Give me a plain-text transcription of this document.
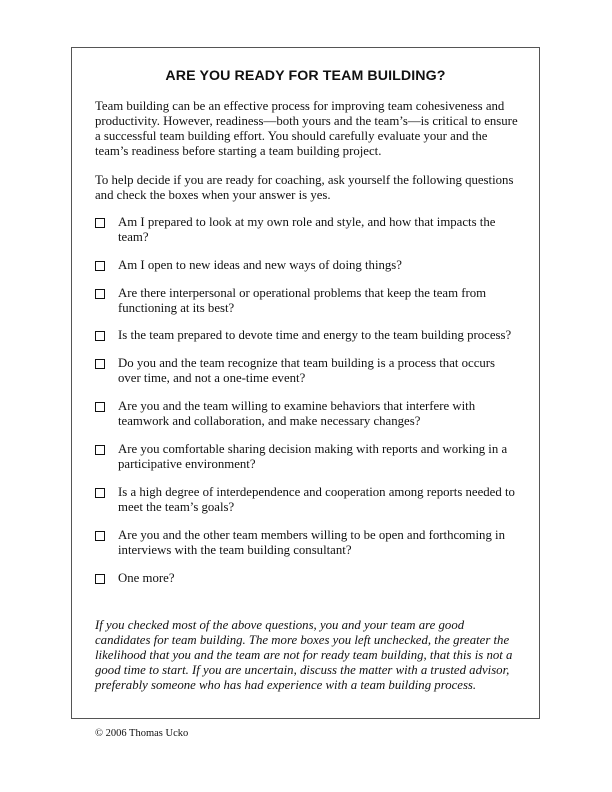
ARE YOU READY FOR TEAM BUILDING?

Team building can be an effective process for improving team cohesiveness and productivity. However, readiness—both yours and the team’s—is critical to ensure a successful team building effort. You should carefully evaluate your and the team’s readiness before starting a team building project.

To help decide if you are ready for coaching, ask yourself the following questions and check the boxes when your answer is yes.

Am I prepared to look at my own role and style, and how that impacts the team?
Am I open to new ideas and new ways of doing things?
Are there interpersonal or operational problems that keep the team from functioning at its best?
Is the team prepared to devote time and energy to the team building process?
Do you and the team recognize that team building is a process that occurs over time, and not a one-time event?
Are you and the team willing to examine behaviors that interfere with teamwork and collaboration, and make necessary changes?
Are you comfortable sharing decision making with reports and working in a participative environment?
Is a high degree of interdependence and cooperation among reports needed to meet the team’s goals?
Are you and the other team members willing to be open and forthcoming in interviews with the team building consultant?
One more?

If you checked most of the above questions, you and your team are good candidates for team building. The more boxes you left unchecked, the greater the likelihood that you and the team are not for ready team building, that this is not a good time to start. If you are uncertain, discuss the matter with a trusted advisor, preferably someone who has had experience with a team building process.

© 2006 Thomas Ucko
